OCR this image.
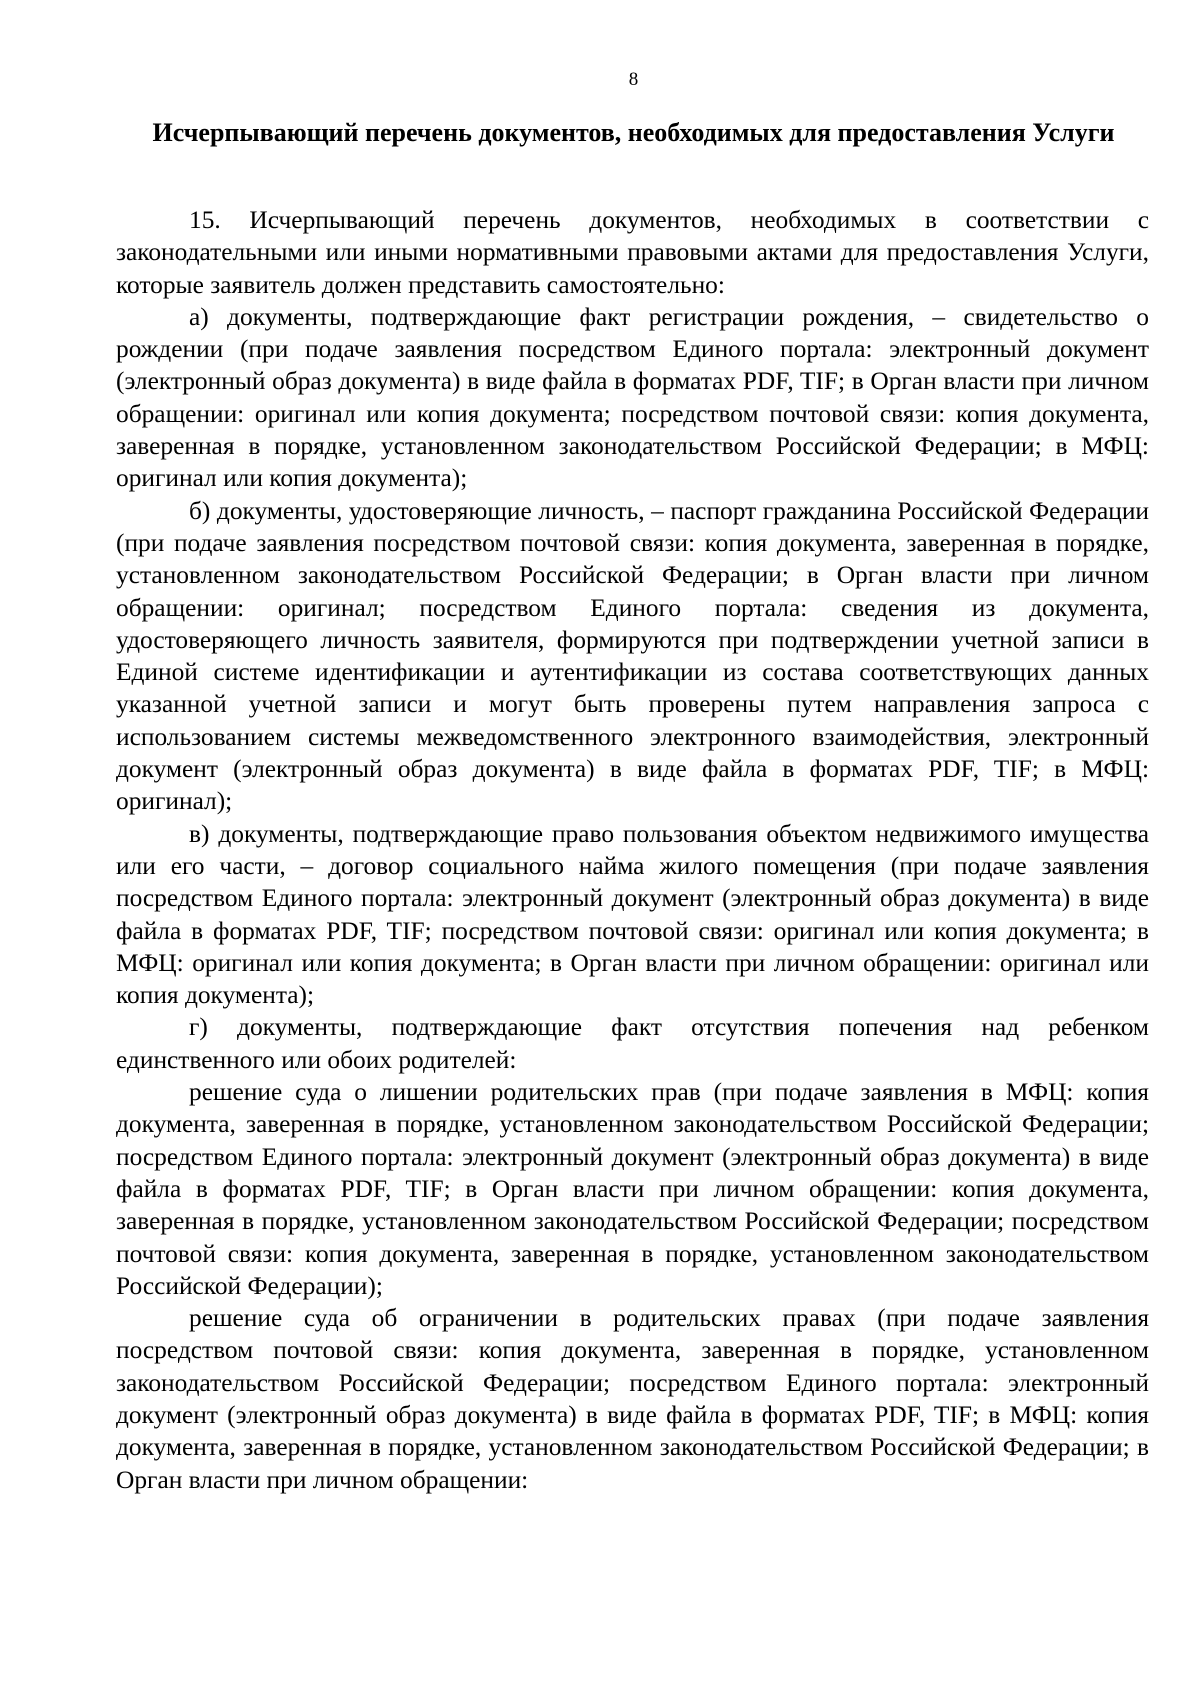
8
Исчерпывающий перечень документов, необходимых для предоставления Услуги

15. Исчерпывающий перечень документов, необходимых в соответствии с законодательными или иными нормативными правовыми актами для предоставления Услуги, которые заявитель должен представить самостоятельно:

а) документы, подтверждающие факт регистрации рождения, – свидетельство о рождении (при подаче заявления посредством Единого портала: электронный документ (электронный образ документа) в виде файла в форматах PDF, TIF; в Орган власти при личном обращении: оригинал или копия документа; посредством почтовой связи: копия документа, заверенная в порядке, установленном законодательством Российской Федерации; в МФЦ: оригинал или копия документа);

б) документы, удостоверяющие личность, – паспорт гражданина Российской Федерации (при подаче заявления посредством почтовой связи: копия документа, заверенная в порядке, установленном законодательством Российской Федерации; в Орган власти при личном обращении: оригинал; посредством Единого портала: сведения из документа, удостоверяющего личность заявителя, формируются при подтверждении учетной записи в Единой системе идентификации и аутентификации из состава соответствующих данных указанной учетной записи и могут быть проверены путем направления запроса с использованием системы межведомственного электронного взаимодействия, электронный документ (электронный образ документа) в виде файла в форматах PDF, TIF; в МФЦ: оригинал);

в) документы, подтверждающие право пользования объектом недвижимого имущества или его части, – договор социального найма жилого помещения (при подаче заявления посредством Единого портала: электронный документ (электронный образ документа) в виде файла в форматах PDF, TIF; посредством почтовой связи: оригинал или копия документа; в МФЦ: оригинал или копия документа; в Орган власти при личном обращении: оригинал или копия документа);

г) документы, подтверждающие факт отсутствия попечения над ребенком единственного или обоих родителей:

решение суда о лишении родительских прав (при подаче заявления в МФЦ: копия документа, заверенная в порядке, установленном законодательством Российской Федерации; посредством Единого портала: электронный документ (электронный образ документа) в виде файла в форматах PDF, TIF; в Орган власти при личном обращении: копия документа, заверенная в порядке, установленном законодательством Российской Федерации; посредством почтовой связи: копия документа, заверенная в порядке, установленном законодательством Российской Федерации);

решение суда об ограничении в родительских правах (при подаче заявления посредством почтовой связи: копия документа, заверенная в порядке, установленном законодательством Российской Федерации; посредством Единого портала: электронный документ (электронный образ документа) в виде файла в форматах PDF, TIF; в МФЦ: копия документа, заверенная в порядке, установленном законодательством Российской Федерации; в Орган власти при личном обращении:
